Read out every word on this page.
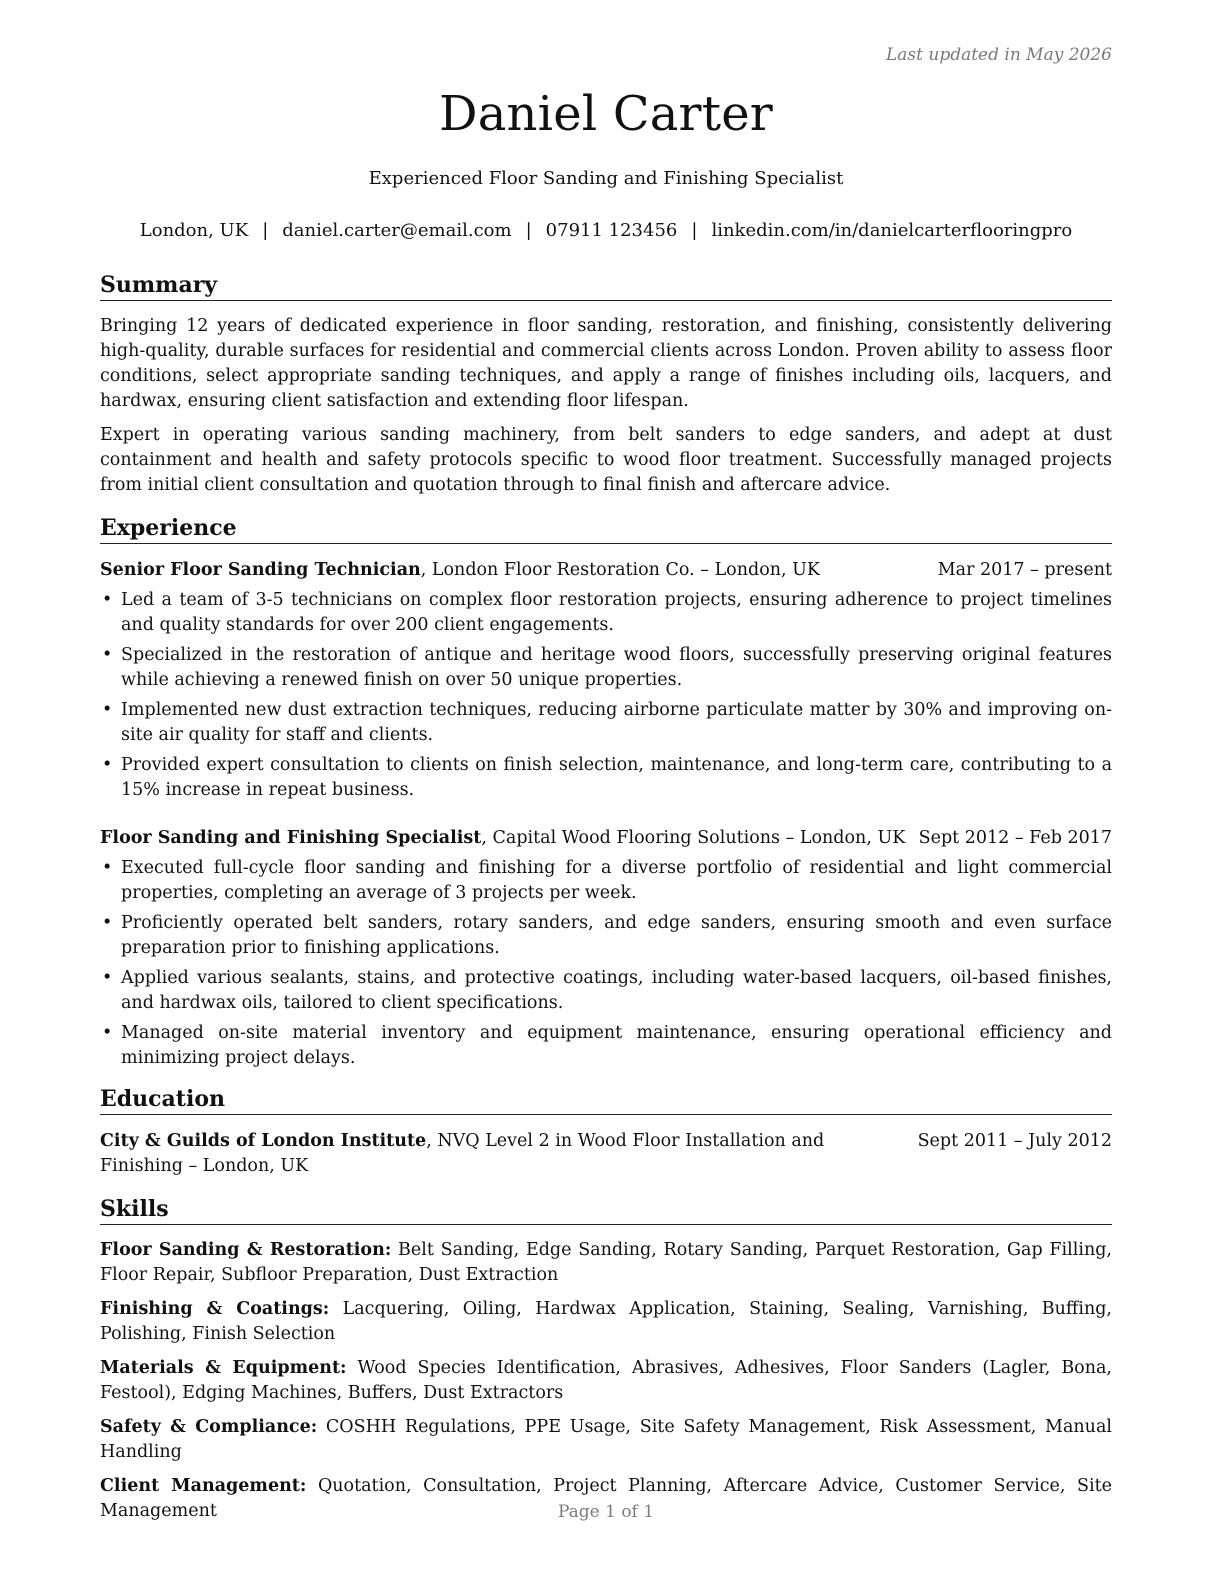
Last updated in May 2026
Daniel Carter
Experienced Floor Sanding and Finishing Specialist
London, UK | daniel.carter@email.com | 07911 123456 | linkedin.com/in/danielcarterflooringpro
Summary

Bringing 12 years of dedicated experience in floor sanding, restoration, and finishing, consistently delivering high-quality, durable surfaces for residential and commercial clients across London. Proven ability to assess floor conditions, select appropriate sanding techniques, and apply a range of finishes including oils, lacquers, and hardwax, ensuring client satisfaction and extending floor lifespan.

Expert in operating various sanding machinery, from belt sanders to edge sanders, and adept at dust containment and health and safety protocols specific to wood floor treatment. Successfully managed projects from initial client consultation and quotation through to final finish and aftercare advice.

Experience
Senior Floor Sanding Technician, London Floor Restoration Co. – London, UK	Mar 2017 – present
• Led a team of 3-5 technicians on complex floor restoration projects, ensuring adherence to project timelines and quality standards for over 200 client engagements.
• Specialized in the restoration of antique and heritage wood floors, successfully preserving original features while achieving a renewed finish on over 50 unique properties.
• Implemented new dust extraction techniques, reducing airborne particulate matter by 30% and improving on-site air quality for staff and clients.
• Provided expert consultation to clients on finish selection, maintenance, and long-term care, contributing to a 15% increase in repeat business.
Floor Sanding and Finishing Specialist, Capital Wood Flooring Solutions – London, UK Sept 2012 – Feb 2017
• Executed full-cycle floor sanding and finishing for a diverse portfolio of residential and light commercial properties, completing an average of 3 projects per week.
• Proficiently operated belt sanders, rotary sanders, and edge sanders, ensuring smooth and even surface preparation prior to finishing applications.
• Applied various sealants, stains, and protective coatings, including water-based lacquers, oil-based finishes, and hardwax oils, tailored to client specifications.
• Managed on-site material inventory and equipment maintenance, ensuring operational efficiency and minimizing project delays.
Education
City & Guilds of London Institute, NVQ Level 2 in Wood Floor Installation and Finishing – London, UK
Sept 2011 – July 2012
Skills

Floor Sanding & Restoration: Belt Sanding, Edge Sanding, Rotary Sanding, Parquet Restoration, Gap Filling, Floor Repair, Subfloor Preparation, Dust Extraction

Finishing & Coatings: Lacquering, Oiling, Hardwax Application, Staining, Sealing, Varnishing, Buffing, Polishing, Finish Selection

Materials & Equipment: Wood Species Identification, Abrasives, Adhesives, Floor Sanders (Lagler, Bona, Festool), Edging Machines, Buffers, Dust Extractors

Safety & Compliance: COSHH Regulations, PPE Usage, Site Safety Management, Risk Assessment, Manual Handling

Client Management: Quotation, Consultation, Project Planning, Aftercare Advice, Customer Service, Site Management	Page 1 of 1
